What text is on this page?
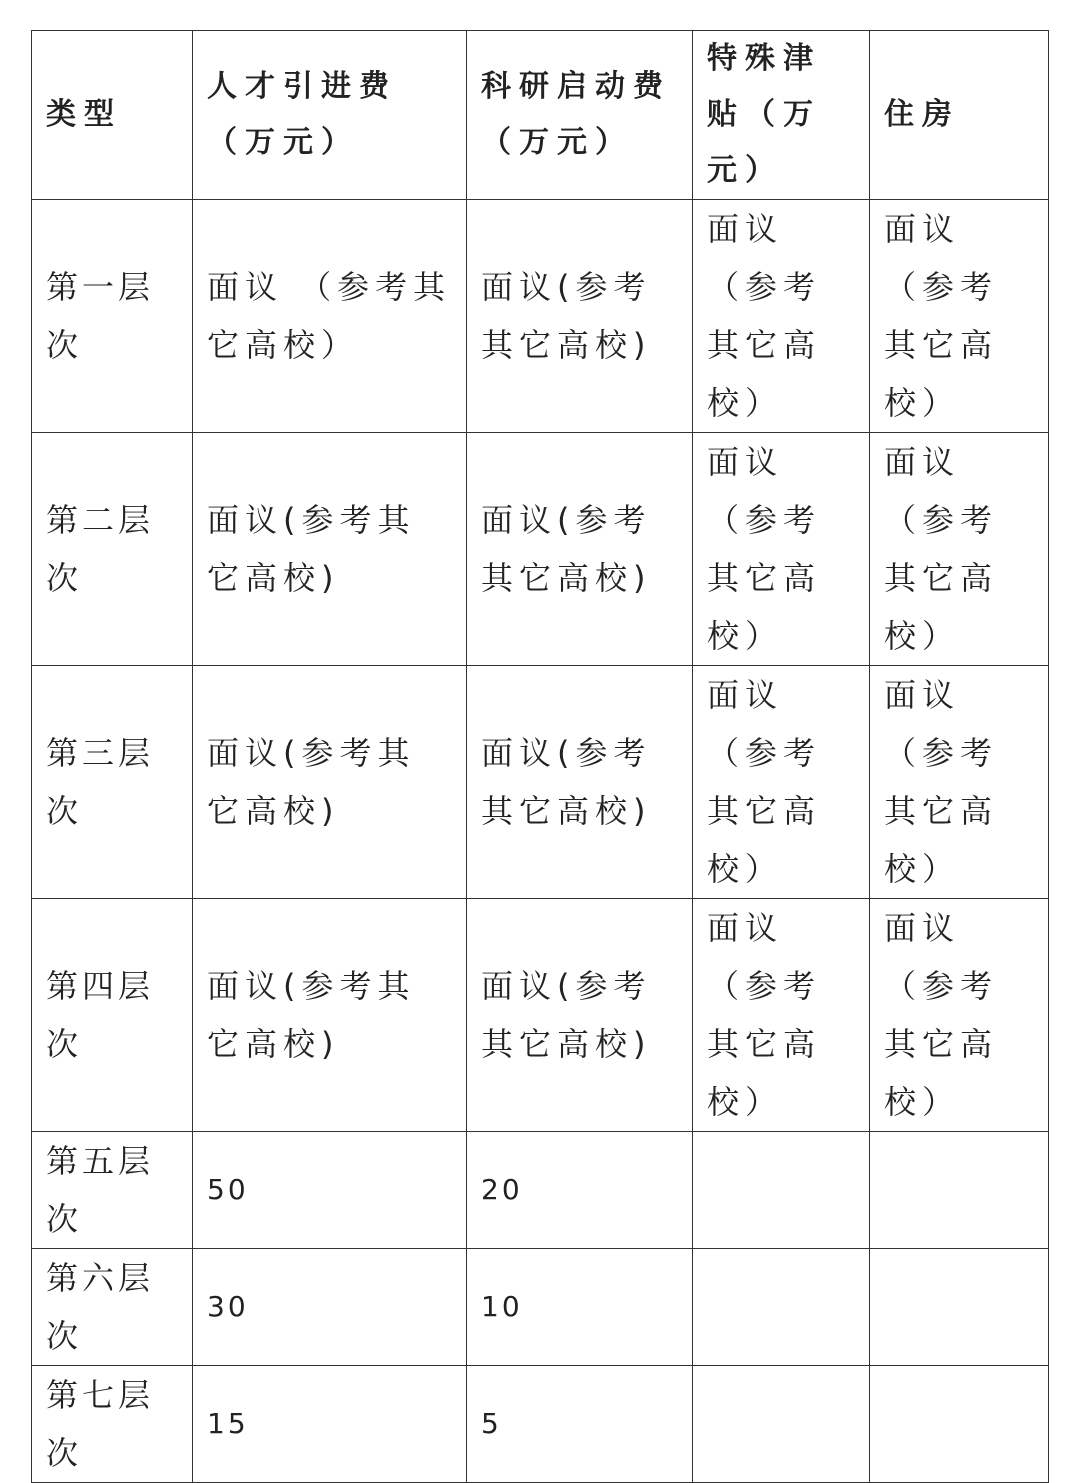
类型	人才引进费（万元）	科研启动费（万元）	特殊津贴（万元）	住房
第一层次	面议 （参考其它高校）	面议(参考其它高校)	面议 （参考其它高校）	面议 （参考其它高校）
第二层次	面议(参考其它高校)	面议(参考其它高校)	面议 （参考其它高校）	面议 （参考其它高校）
第三层次	面议(参考其它高校)	面议(参考其它高校)	面议 （参考其它高校）	面议 （参考其它高校）
第四层次	面议(参考其它高校)	面议(参考其它高校)	面议 （参考其它高校）	面议 （参考其它高校）
第五层次	50	20		
第六层次	30	10		
第七层次	15	5		
